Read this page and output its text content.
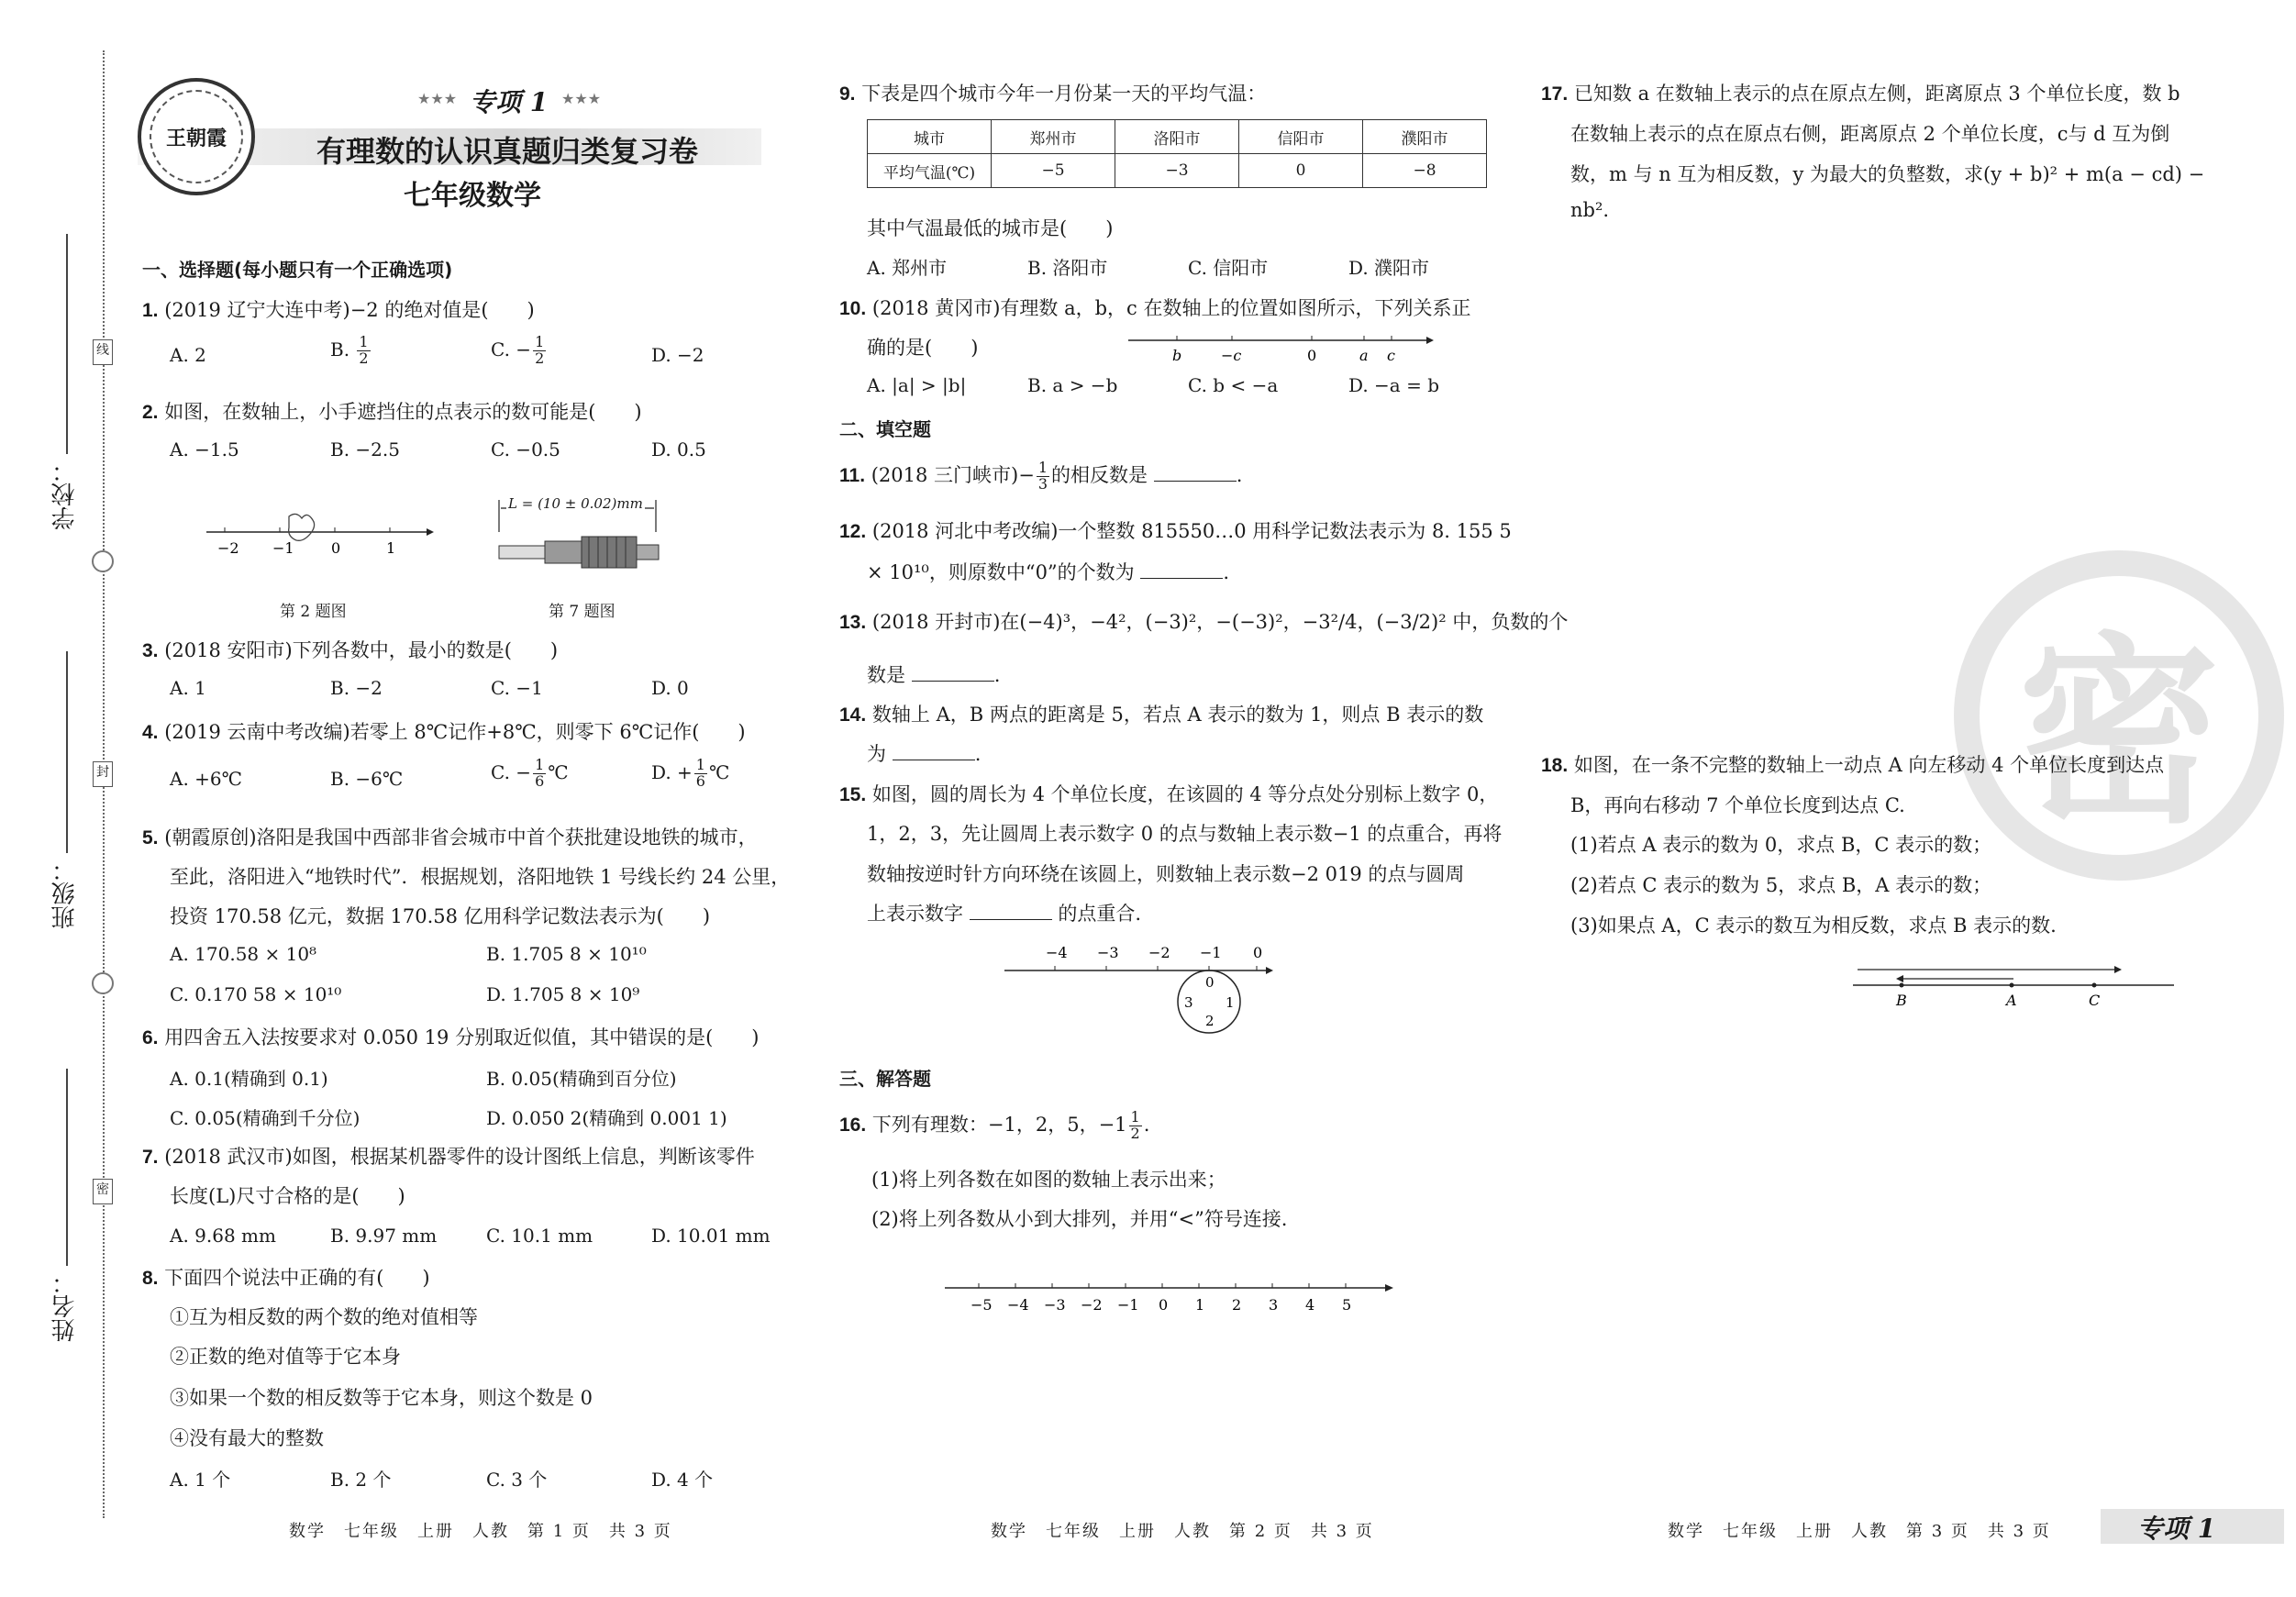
学校：
班级：
姓名：
线
封
密
王朝霞
★★★ 专项 1 ★★★
有理数的认识真题归类复习卷
七年级数学
一、选择题(每小题只有一个正确选项)
1. (2019 辽宁大连中考)−2 的绝对值是(　　)
A. 2	B. $\frac{1}{2}$	C. − $\frac{1}{2}$	D. −2
2. 如图，在数轴上，小手遮挡住的点表示的数可能是(　　)
A. −1.5	B. −2.5	C. −0.5	D. 0.5
−2 −1	0	1
第 2 题图
L = (10 ± 0.02)mm
第 7 题图
3. (2018 安阳市)下列各数中，最小的数是(　　)
A. 1	B. −2	C. −1	D. 0
4. (2019 云南中考改编)若零上 8℃记作+8℃，则零下 6℃记作(　　)
A. +6℃	B. −6℃	C. − $\frac{1}{6}$ ℃	D. + $\frac{1}{6}$ ℃
5. (朝霞原创)洛阳是我国中西部非省会城市中首个获批建设地铁的城市，
至此，洛阳进入“地铁时代”．根据规划，洛阳地铁 1 号线长约 24 公里，
投资 170.58 亿元，数据 170.58 亿用科学记数法表示为(　　)
A. 170.58 × 10⁸	B. 1.705 8 × 10¹⁰
C. 0.170 58 × 10¹⁰	D. 1.705 8 × 10⁹
6. 用四舍五入法按要求对 0.050 19 分别取近似值，其中错误的是(　　)
A. 0.1(精确到 0.1)	B. 0.05(精确到百分位)
C. 0.05(精确到千分位)	D. 0.050 2(精确到 0.001 1)
7. (2018 武汉市)如图，根据某机器零件的设计图纸上信息，判断该零件
长度(L)尺寸合格的是(　　)
A. 9.68 mm	B. 9.97 mm	C. 10.1 mm	D. 10.01 mm
8. 下面四个说法中正确的有(　　)
①互为相反数的两个数的绝对值相等
②正数的绝对值等于它本身
③如果一个数的相反数等于它本身，则这个数是 0
④没有最大的整数
A. 1 个	B. 2 个	C. 3 个	D. 4 个
9. 下表是四个城市今年一月份某一天的平均气温：
城市	郑州市	洛阳市	信阳市	濮阳市
平均气温(℃)	−5	−3	0	−8
其中气温最低的城市是(　　)
A. 郑州市	B. 洛阳市	C. 信阳市	D. 濮阳市
10. (2018 黄冈市)有理数 a，b，c 在数轴上的位置如图所示，下列关系正
确的是(　　)	b	−c	0	a c
A. |a| > |b|	B. a > −b	C. b < −a	D. −a = b
二、填空题
11. (2018 三门峡市)− $\frac{1}{3}$ 的相反数是	.
12. (2018 河北中考改编)一个整数 815550…0 用科学记数法表示为 8. 155 5
× 10¹⁰，则原数中“0”的个数为	.
13. (2018 开封市)在(−4)³，−4²，(−3)²，−(−3)²，−3²/4，(−3/2)² 中，负数的个
数是	.
14. 数轴上 A，B 两点的距离是 5，若点 A 表示的数为 1，则点 B 表示的数
为	.
15. 如图，圆的周长为 4 个单位长度，在该圆的 4 等分点处分别标上数字 0，
1，2，3，先让圆周上表示数字 0 的点与数轴上表示数−1 的点重合，再将
数轴按逆时针方向环绕在该圆上，则数轴上表示数−2 019 的点与圆周
上表示数字	的点重合.
−4 −3 −2 −1 0
0
1
2
3
三、解答题
16. 下列有理数：−1，2，5，$-1 \frac{1}{2}$ .
(1)将上列各数在如图的数轴上表示出来；
(2)将上列各数从小到大排列，并用“<”符号连接.
−5 −4 −3 −2 −1 0 1 2 3 4 5
17. 已知数 a 在数轴上表示的点在原点左侧，距离原点 3 个单位长度，数 b
在数轴上表示的点在原点右侧，距离原点 2 个单位长度，c与 d 互为倒
数，m 与 n 互为相反数，y 为最大的负整数，求(y + b)² + m(a − cd) −
nb².
密
18. 如图，在一条不完整的数轴上一动点 A 向左移动 4 个单位长度到达点
B，再向右移动 7 个单位长度到达点 C.
(1)若点 A 表示的数为 0，求点 B，C 表示的数；
(2)若点 C 表示的数为 5，求点 B，A 表示的数；
(3)如果点 A，C 表示的数互为相反数，求点 B 表示的数.
B	A	C
数学　七年级　上册　人教　第 1 页　共 3 页	数学　七年级　上册　人教　第 2 页　共 3 页	数学　七年级　上册　人教　第 3 页　共 3 页	专项 1
